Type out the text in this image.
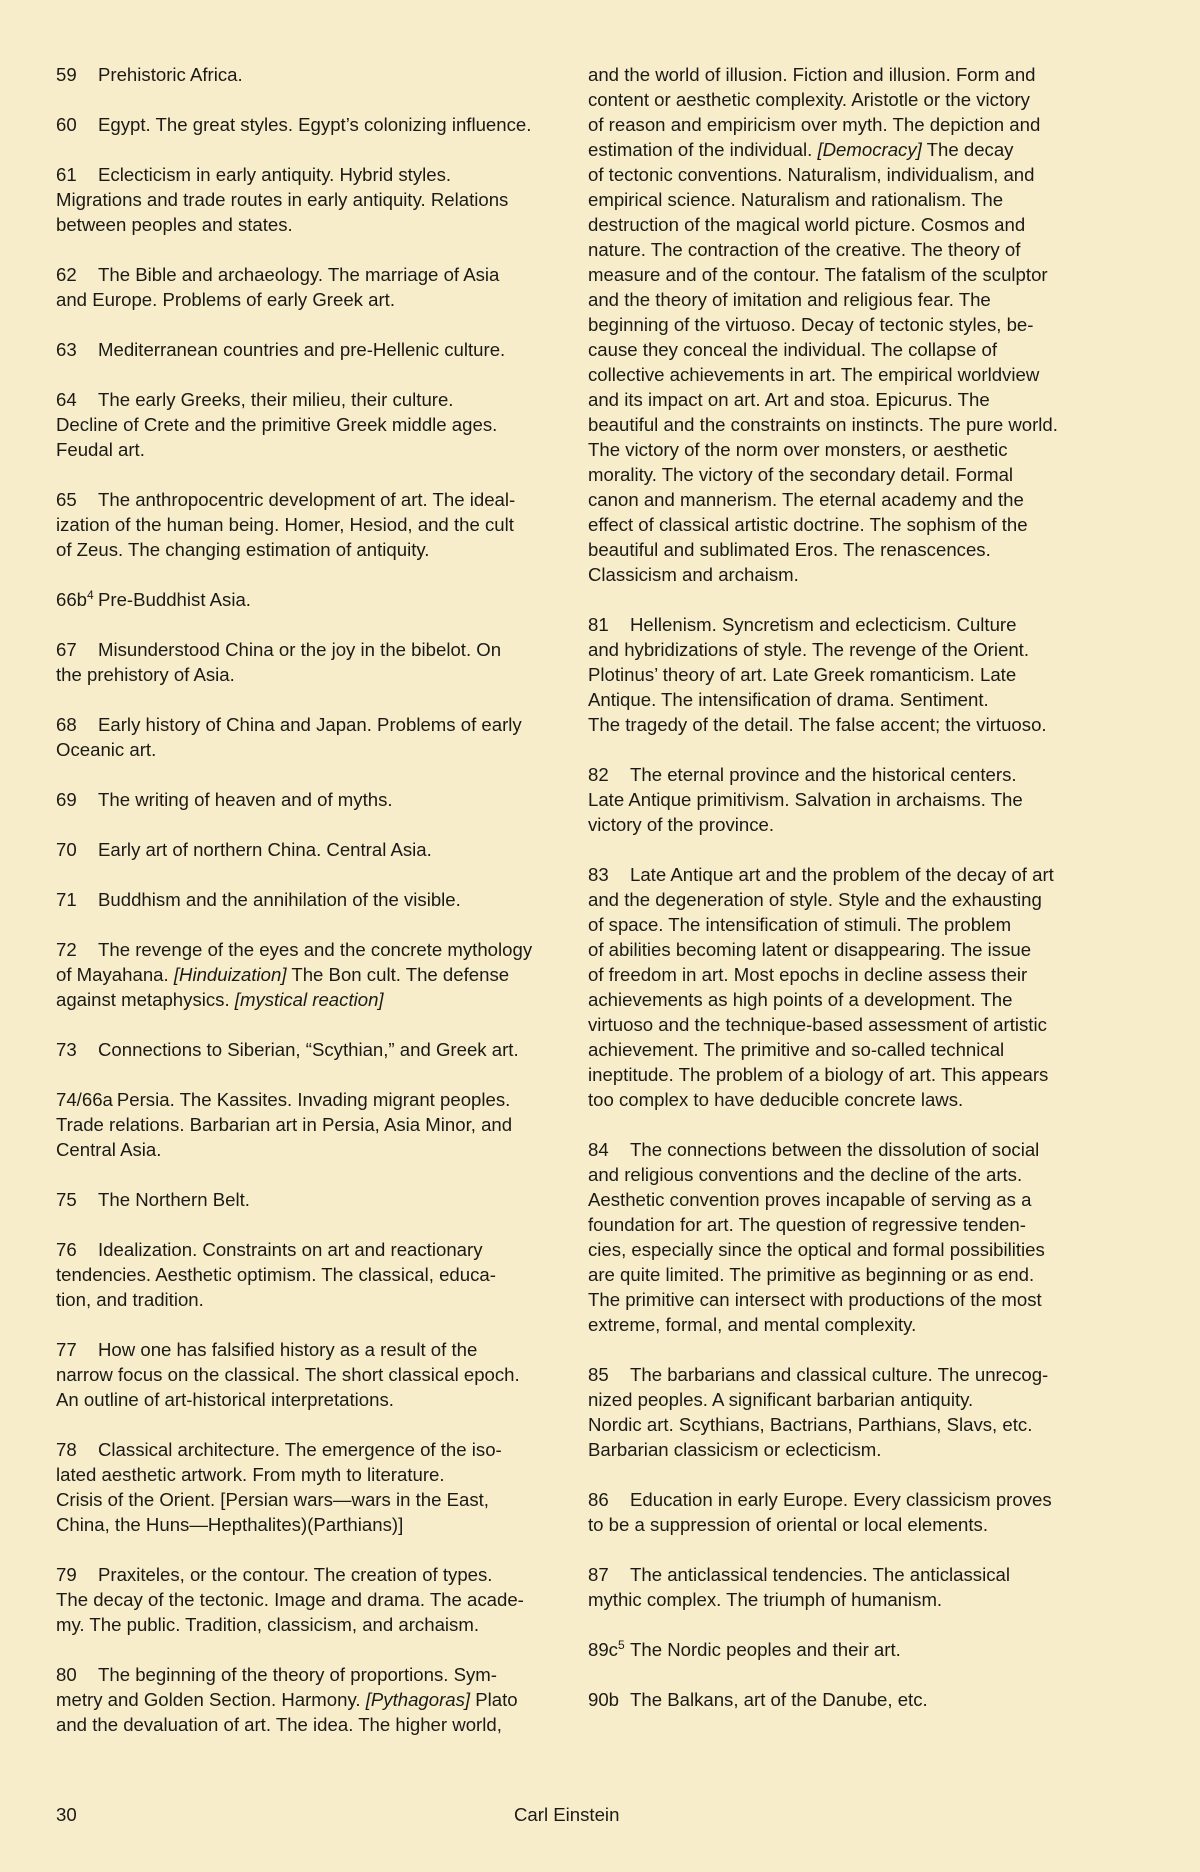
59 Prehistoric Africa.
60 Egypt. The great styles. Egypt’s colonizing influence.
61 Eclecticism in early antiquity. Hybrid styles.
Migrations and trade routes in early antiquity. Relations
between peoples and states.
62 The Bible and archaeology. The marriage of Asia
and Europe. Problems of early Greek art.
63 Mediterranean countries and pre-Hellenic culture.
64 The early Greeks, their milieu, their culture.
Decline of Crete and the primitive Greek middle ages.
Feudal art.
65 The anthropocentric development of art. The ideal-
ization of the human being. Homer, Hesiod, and the cult
of Zeus. The changing estimation of antiquity.
$66b^4$ Pre-Buddhist Asia.
67 Misunderstood China or the joy in the bibelot. On
the prehistory of Asia.
68 Early history of China and Japan. Problems of early
Oceanic art.
69 The writing of heaven and of myths.
70 Early art of northern China. Central Asia.
71 Buddhism and the annihilation of the visible.
72 The revenge of the eyes and the concrete mythology
of Mayahana. [Hinduization] The Bon cult. The defense
against metaphysics. [mystical reaction]
73 Connections to Siberian, “Scythian,” and Greek art.
74/66a Persia. The Kassites. Invading migrant peoples.
Trade relations. Barbarian art in Persia, Asia Minor, and
Central Asia.
75 The Northern Belt.
76 Idealization. Constraints on art and reactionary
tendencies. Aesthetic optimism. The classical, educa-
tion, and tradition.
77 How one has falsified history as a result of the
narrow focus on the classical. The short classical epoch.
An outline of art-historical interpretations.
78 Classical architecture. The emergence of the iso-
lated aesthetic artwork. From myth to literature.
Crisis of the Orient. [Persian wars—wars in the East,
China, the Huns—Hepthalites)(Parthians)]
79 Praxiteles, or the contour. The creation of types.
The decay of the tectonic. Image and drama. The acade-
my. The public. Tradition, classicism, and archaism.
80 The beginning of the theory of proportions. Sym-
metry and Golden Section. Harmony. [Pythagoras] Plato
and the devaluation of art. The idea. The higher world,
and the world of illusion. Fiction and illusion. Form and
content or aesthetic complexity. Aristotle or the victory
of reason and empiricism over myth. The depiction and
estimation of the individual. [Democracy] The decay
of tectonic conventions. Naturalism, individualism, and
empirical science. Naturalism and rationalism. The
destruction of the magical world picture. Cosmos and
nature. The contraction of the creative. The theory of
measure and of the contour. The fatalism of the sculptor
and the theory of imitation and religious fear. The
beginning of the virtuoso. Decay of tectonic styles, be-
cause they conceal the individual. The collapse of
collective achievements in art. The empirical worldview
and its impact on art. Art and stoa. Epicurus. The
beautiful and the constraints on instincts. The pure world.
The victory of the norm over monsters, or aesthetic
morality. The victory of the secondary detail. Formal
canon and mannerism. The eternal academy and the
effect of classical artistic doctrine. The sophism of the
beautiful and sublimated Eros. The renascences.
Classicism and archaism.
81 Hellenism. Syncretism and eclecticism. Culture
and hybridizations of style. The revenge of the Orient.
Plotinus’ theory of art. Late Greek romanticism. Late
Antique. The intensification of drama. Sentiment.
The tragedy of the detail. The false accent; the virtuoso.
82 The eternal province and the historical centers.
Late Antique primitivism. Salvation in archaisms. The
victory of the province.
83 Late Antique art and the problem of the decay of art
and the degeneration of style. Style and the exhausting
of space. The intensification of stimuli. The problem
of abilities becoming latent or disappearing. The issue
of freedom in art. Most epochs in decline assess their
achievements as high points of a development. The
virtuoso and the technique-based assessment of artistic
achievement. The primitive and so-called technical
ineptitude. The problem of a biology of art. This appears
too complex to have deducible concrete laws.
84 The connections between the dissolution of social
and religious conventions and the decline of the arts.
Aesthetic convention proves incapable of serving as a
foundation for art. The question of regressive tenden-
cies, especially since the optical and formal possibilities
are quite limited. The primitive as beginning or as end.
The primitive can intersect with productions of the most
extreme, formal, and mental complexity.
85 The barbarians and classical culture. The unrecog-
nized peoples. A significant barbarian antiquity.
Nordic art. Scythians, Bactrians, Parthians, Slavs, etc.
Barbarian classicism or eclecticism.
86 Education in early Europe. Every classicism proves
to be a suppression of oriental or local elements.
87 The anticlassical tendencies. The anticlassical
mythic complex. The triumph of humanism.
$89c^5$ The Nordic peoples and their art.
90b The Balkans, art of the Danube, etc.
30	Carl Einstein
